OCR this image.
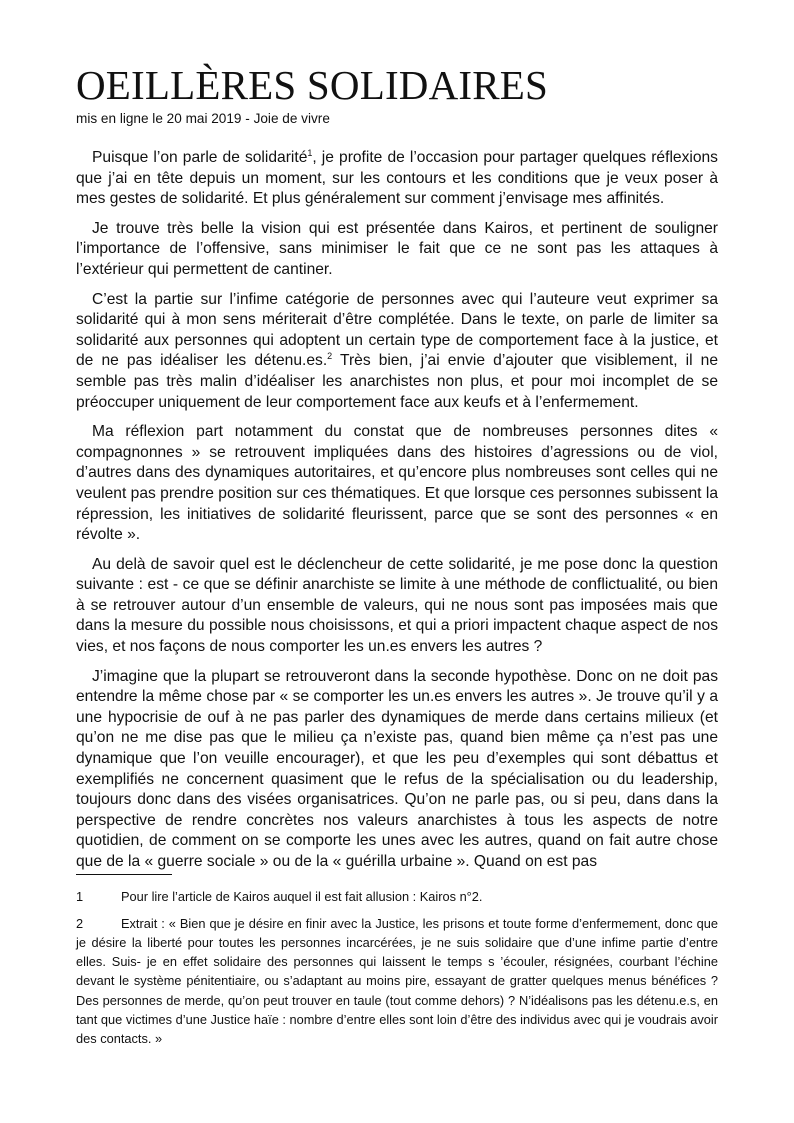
OEILLÈRES SOLIDAIRES
mis en ligne le 20 mai 2019 - Joie de vivre

Puisque l’on parle de solidarité$^1$, je profite de l’occasion pour partager quelques réflexions que j’ai en tête depuis un moment, sur les contours et les conditions que je veux poser à mes gestes de solidarité. Et plus généralement sur comment j’envisage mes affinités.

Je trouve très belle la vision qui est présentée dans Kairos, et pertinent de souligner l’importance de l’offensive, sans minimiser le fait que ce ne sont pas les attaques à l’extérieur qui permettent de cantiner.

C’est la partie sur l’infime catégorie de personnes avec qui l’auteure veut exprimer sa solidarité qui à mon sens mériterait d’être complétée. Dans le texte, on parle de limiter sa solidarité aux personnes qui adoptent un certain type de comportement face à la justice, et de ne pas idéaliser les détenu.es.$^2$ Très bien, j’ai envie d’ajouter que visiblement, il ne semble pas très malin d’idéaliser les anarchistes non plus, et pour moi incomplet de se préoccuper uniquement de leur comportement face aux keufs et à l’enfermement.

Ma réflexion part notamment du constat que de nombreuses personnes dites « compagnonnes » se retrouvent impliquées dans des histoires d’agressions ou de viol, d’autres dans des dynamiques autoritaires, et qu’encore plus nombreuses sont celles qui ne veulent pas prendre position sur ces thématiques. Et que lorsque ces personnes subissent la répression, les initiatives de solidarité fleurissent, parce que se sont des personnes « en révolte ».

Au delà de savoir quel est le déclencheur de cette solidarité, je me pose donc la question suivante : est - ce que se définir anarchiste se limite à une méthode de conflictualité, ou bien à se retrouver autour d’un ensemble de valeurs, qui ne nous sont pas imposées mais que dans la mesure du possible nous choisissons, et qui a priori impactent chaque aspect de nos vies, et nos façons de nous comporter les un.es envers les autres ?

J’imagine que la plupart se retrouveront dans la seconde hypothèse. Donc on ne doit pas entendre la même chose par « se comporter les un.es envers les autres ». Je trouve qu’il y a une hypocrisie de ouf à ne pas parler des dynamiques de merde dans certains milieux (et qu’on ne me dise pas que le milieu ça n’existe pas, quand bien même ça n’est pas une dynamique que l’on veuille encourager), et que les peu d’exemples qui sont débattus et exemplifiés ne concernent quasiment que le refus de la spécialisation ou du leadership, toujours donc dans des visées organisatrices. Qu’on ne parle pas, ou si peu, dans dans la perspective de rendre concrètes nos valeurs anarchistes à tous les aspects de notre quotidien, de comment on se comporte les unes avec les autres, quand on fait autre chose que de la « guerre sociale » ou de la « guérilla urbaine ». Quand on est pas

1	Pour lire l’article de Kairos auquel il est fait allusion : Kairos n°2.
2	Extrait : « Bien que je désire en finir avec la Justice, les prisons et toute forme d’enfermement, donc que je désire la liberté pour toutes les personnes incarcérées, je ne suis solidaire que d’une infime partie d’entre elles. Suis- je en effet solidaire des personnes qui laissent le temps s ’écouler, résignées, courbant l’échine devant le système pénitentiaire, ou s’adaptant au moins pire, essayant de gratter quelques menus bénéfices ? Des personnes de merde, qu’on peut trouver en taule (tout comme dehors) ? N’idéalisons pas les détenu.e.s, en tant que victimes d’une Justice haïe : nombre d’entre elles sont loin d’être des individus avec qui je voudrais avoir des contacts. »
